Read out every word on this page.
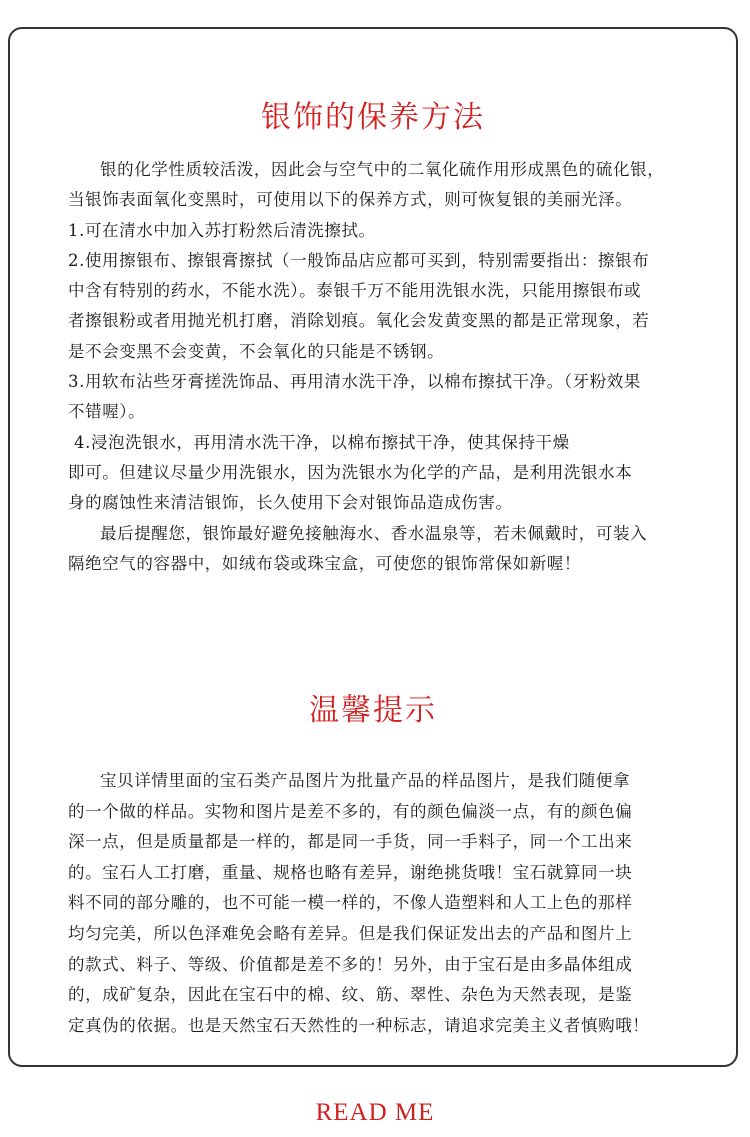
银饰的保养方法

银的化学性质较活泼，因此会与空气中的二氧化硫作用形成黑色的硫化银，
当银饰表面氧化变黑时，可使用以下的保养方式，则可恢复银的美丽光泽。
1.可在清水中加入苏打粉然后清洗擦拭。
2.使用擦银布、擦银膏擦拭（一般饰品店应都可买到，特别需要指出：擦银布
中含有特别的药水，不能水洗）。泰银千万不能用洗银水洗，只能用擦银布或
者擦银粉或者用抛光机打磨，消除划痕。氧化会发黄变黑的都是正常现象，若
是不会变黑不会变黄，不会氧化的只能是不锈钢。
3.用软布沾些牙膏搓洗饰品、再用清水洗干净，以棉布擦拭干净。（牙粉效果
不错喔）。
4.浸泡洗银水，再用清水洗干净，以棉布擦拭干净，使其保持干燥
即可。但建议尽量少用洗银水，因为洗银水为化学的产品，是利用洗银水本
身的腐蚀性来清洁银饰，长久使用下会对银饰品造成伤害。
最后提醒您，银饰最好避免接触海水、香水温泉等，若未佩戴时，可装入
隔绝空气的容器中，如绒布袋或珠宝盒，可使您的银饰常保如新喔！

温馨提示

宝贝详情里面的宝石类产品图片为批量产品的样品图片，是我们随便拿
的一个做的样品。实物和图片是差不多的，有的颜色偏淡一点，有的颜色偏
深一点，但是质量都是一样的，都是同一手货，同一手料子，同一个工出来
的。宝石人工打磨，重量、规格也略有差异，谢绝挑货哦！宝石就算同一块
料不同的部分雕的，也不可能一模一样的，不像人造塑料和人工上色的那样
均匀完美，所以色泽难免会略有差异。但是我们保证发出去的产品和图片上
的款式、料子、等级、价值都是差不多的！另外，由于宝石是由多晶体组成
的，成矿复杂，因此在宝石中的棉、纹、筋、翠性、杂色为天然表现，是鉴
定真伪的依据。也是天然宝石天然性的一种标志，请追求完美主义者慎购哦！

READ ME
